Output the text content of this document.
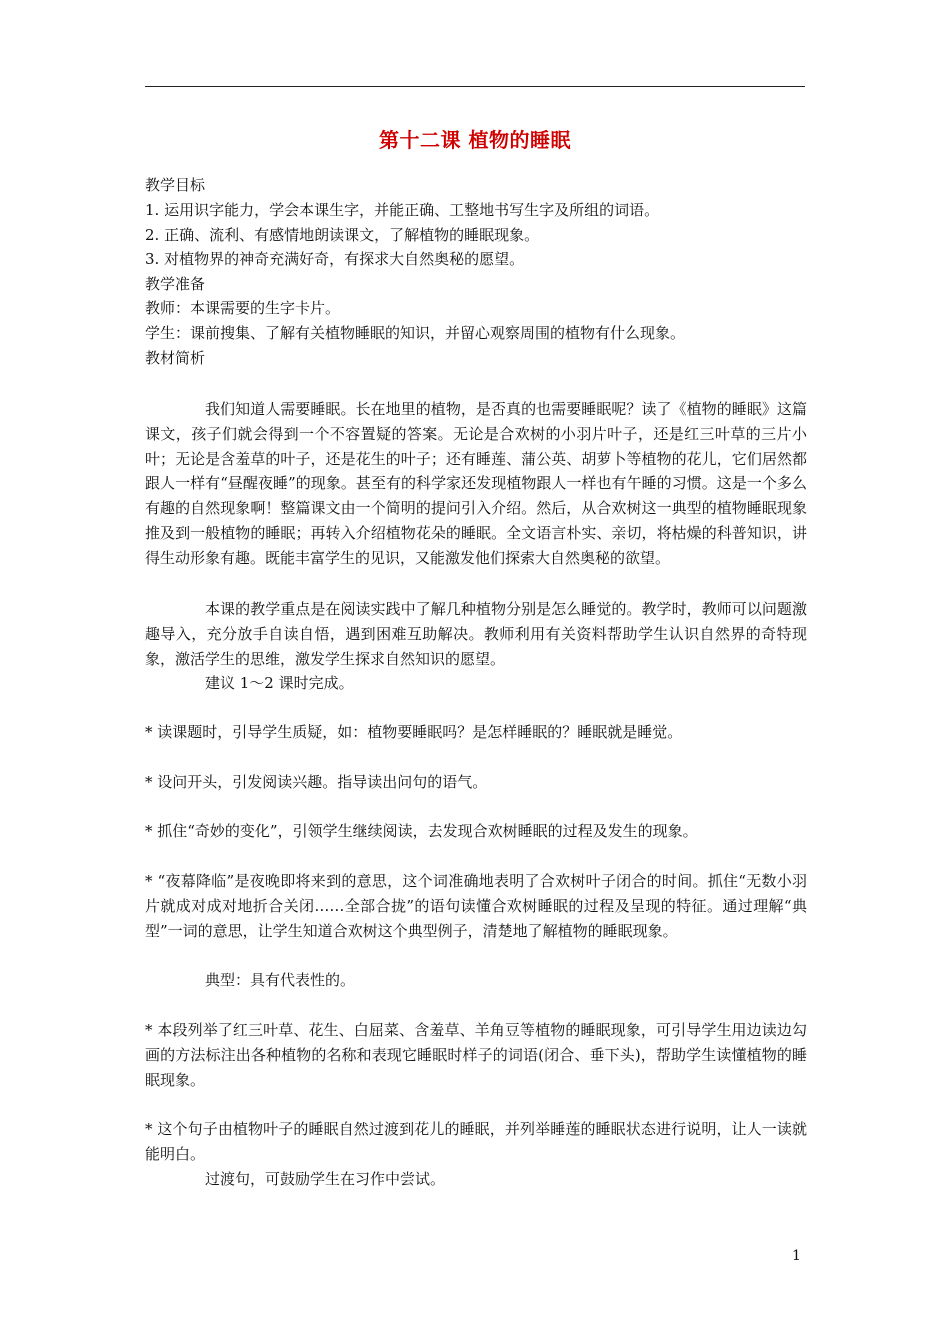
第十二课 植物的睡眠
教学目标
1. 运用识字能力，学会本课生字，并能正确、工整地书写生字及所组的词语。
2. 正确、流利、有感情地朗读课文，了解植物的睡眠现象。
3. 对植物界的神奇充满好奇，有探求大自然奥秘的愿望。
教学准备
教师：本课需要的生字卡片。
学生：课前搜集、了解有关植物睡眠的知识，并留心观察周围的植物有什么现象。
教材简析
我们知道人需要睡眠。长在地里的植物，是否真的也需要睡眠呢？读了《植物的睡眠》这篇课文，孩子们就会得到一个不容置疑的答案。无论是合欢树的小羽片叶子，还是红三叶草的三片小叶；无论是含羞草的叶子，还是花生的叶子；还有睡莲、蒲公英、胡萝卜等植物的花儿，它们居然都跟人一样有“昼醒夜睡”的现象。甚至有的科学家还发现植物跟人一样也有午睡的习惯。这是一个多么有趣的自然现象啊！整篇课文由一个简明的提问引入介绍。然后，从合欢树这一典型的植物睡眠现象推及到一般植物的睡眠；再转入介绍植物花朵的睡眠。全文语言朴实、亲切，将枯燥的科普知识，讲得生动形象有趣。既能丰富学生的见识，又能激发他们探索大自然奥秘的欲望。
本课的教学重点是在阅读实践中了解几种植物分别是怎么睡觉的。教学时，教师可以问题激趣导入，充分放手自读自悟，遇到困难互助解决。教师利用有关资料帮助学生认识自然界的奇特现象，激活学生的思维，激发学生探求自然知识的愿望。
建议 1～2 课时完成。
* 读课题时，引导学生质疑，如：植物要睡眠吗？是怎样睡眠的？睡眠就是睡觉。
* 设问开头，引发阅读兴趣。指导读出问句的语气。
* 抓住“奇妙的变化”，引领学生继续阅读，去发现合欢树睡眠的过程及发生的现象。
* “夜幕降临”是夜晚即将来到的意思，这个词准确地表明了合欢树叶子闭合的时间。抓住“无数小羽片就成对成对地折合关闭……全部合拢”的语句读懂合欢树睡眠的过程及呈现的特征。通过理解“典型”一词的意思，让学生知道合欢树这个典型例子，清楚地了解植物的睡眠现象。
典型：具有代表性的。
* 本段列举了红三叶草、花生、白屈菜、含羞草、羊角豆等植物的睡眠现象，可引导学生用边读边勾画的方法标注出各种植物的名称和表现它睡眠时样子的词语(闭合、垂下头)，帮助学生读懂植物的睡眠现象。
* 这个句子由植物叶子的睡眠自然过渡到花儿的睡眠，并列举睡莲的睡眠状态进行说明，让人一读就能明白。
过渡句，可鼓励学生在习作中尝试。
1
